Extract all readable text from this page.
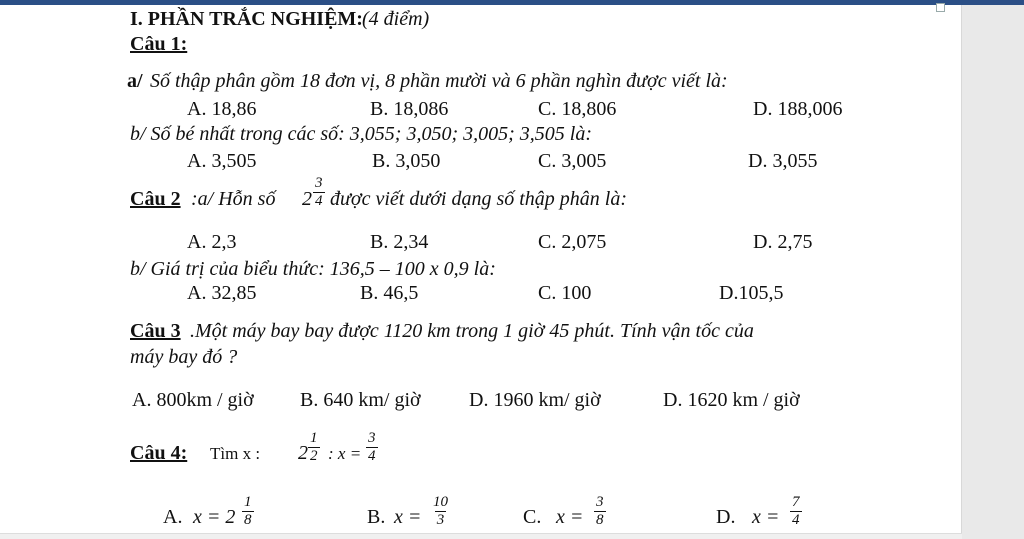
I. PHẦN TRẮC NGHIỆM: (4 điểm)
Câu 1:
a/ Số thập phân gồm 18 đơn vị, 8 phần mười và 6 phần nghìn được viết là:
A. 18,86	B. 18,086	C. 18,806	D. 188,006
b/ Số bé nhất trong các số: 3,055; 3,050; 3,005; 3,505 là:
A. 3,505	B. 3,050	C. 3,005	D. 3,055
Câu 2 :a/ Hỗn số $2 \frac{3}{4}$ được viết dưới dạng số thập phân là:
A. 2,3	B. 2,34	C. 2,075	D. 2,75
b/ Giá trị của biểu thức: 136,5 – 100 x 0,9 là:
A. 32,85	B. 46,5	C. 100	D.105,5
Câu 3 .Một máy bay bay được 1120 km trong 1 giờ 45 phút. Tính vận tốc của
máy bay đó ?
A. 800km / giờ B. 640 km/ giờ D. 1960 km/ giờ	D. 1620 km / giờ
Câu 4: Tìm x : $2 \frac{1}{2}$ : $x = \frac{3}{4}$
A. $x = 2 \frac{1}{8}$	B. $x = \frac{10}{3}$	C. $x = \frac{3}{8}$	D. $x = \frac{7}{4}$
